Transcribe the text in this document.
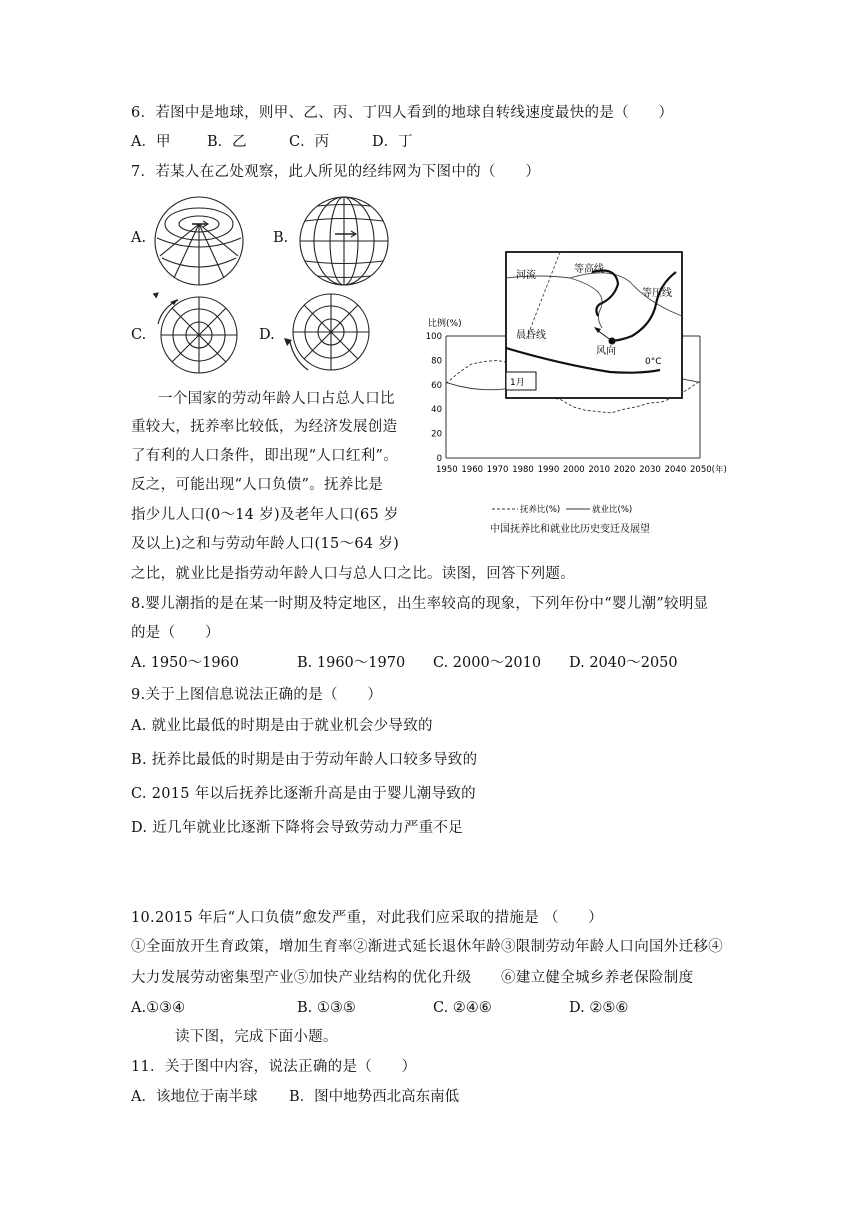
6．若图中是地球，则甲、乙、丙、丁四人看到的地球自转线速度最快的是（　　）
A．甲	B．乙	C．丙	D．丁
7．若某人在乙处观察，此人所见的经纬网为下图中的（　　）
A.	B.
C.	D.
一个国家的劳动年龄人口占总人口比
重较大，抚养率比较低，为经济发展创造
了有利的人口条件，即出现“人口红利”。
反之，可能出现“人口负债”。抚养比是
指少儿人口(0～14 岁)及老年人口(65 岁
及以上)之和与劳动年龄人口(15～64 岁)
之比，就业比是指劳动年龄人口与总人口之比。读图，回答下列题。
0
20
40
60
80
100
1950 1960 1970 1980 1990 2000 2010 2020 2030 2040 2050(年)
比例(%)
1月
河流
等高线
等压线
晨昏线
风向
0°C
抚养比(%)	就业比(%)
中国抚养比和就业比历史变迁及展望
8.婴儿潮指的是在某一时期及特定地区，出生率较高的现象，下列年份中“婴儿潮”较明显
的是（　　）
A. 1950～1960	B. 1960～1970 C. 2000～2010 D. 2040～2050
9.关于上图信息说法正确的是（　　）
A. 就业比最低的时期是由于就业机会少导致的
B. 抚养比最低的时期是由于劳动年龄人口较多导致的
C. 2015 年以后抚养比逐渐升高是由于婴儿潮导致的
D. 近几年就业比逐渐下降将会导致劳动力严重不足
10.2015 年后“人口负债”愈发严重，对此我们应采取的措施是 （　　）
①全面放开生育政策，增加生育率②渐进式延长退休年龄③限制劳动年龄人口向国外迁移④
大力发展劳动密集型产业⑤加快产业结构的优化升级　　⑥建立健全城乡养老保险制度
A.①③④	B. ①③⑤	C. ②④⑥	D. ②⑤⑥
读下图，完成下面小题。
11．关于图中内容，说法正确的是（　　）
A．该地位于南半球 B．图中地势西北高东南低
